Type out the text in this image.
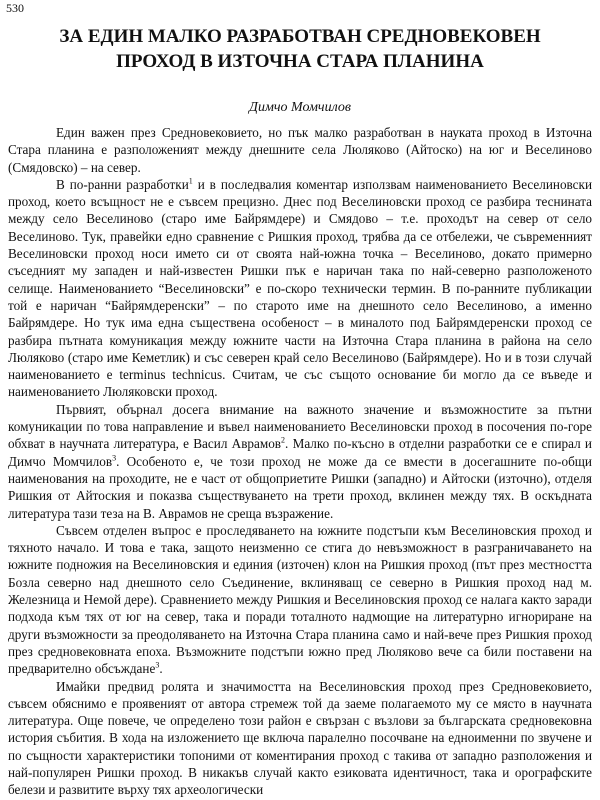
530
ЗА ЕДИН МАЛКО РАЗРАБОТВАН СРЕДНОВЕКОВЕН
ПРОХОД В ИЗТОЧНА СТАРА ПЛАНИНА
Димчо Момчилов

Един важен през Средновековието, но пък малко разработван в науката проход в Източна Стара планина е разположеният между днешните села Люляково (Айтоско) на юг и Веселиново (Смядовско) – на север.

В по-ранни разработки$^1$ и в последвалия коментар използвам наименованието Веселиновски проход, което всъщност не е съвсем прецизно. Днес под Веселиновски проход се разбира теснината между село Веселиново (старо име Байрямдере) и Смядово – т.е. проходът на север от село Веселиново. Тук, правейки едно сравнение с Ришкия проход, трябва да се отбележи, че съвременният Веселиновски проход носи името си от своята най-южна точка – Веселиново, докато примерно съседният му западен и най-известен Ришки пък е наричан така по най-северно разположеното селище. Наименованието “Веселиновски” е по-скоро технически термин. В по-ранните публикации той е наричан “Байрямдеренски” – по старото име на днешното село Веселиново, а именно Байрямдере. Но тук има една съществена особеност – в миналото под Байрямдеренски проход се разбира пътната комуникация между южните части на Източна Стара планина в района на село Люляково (старо име Кеметлик) и със северен край село Веселиново (Байрямдере). Но и в този случай наименованието е terminus technicus. Считам, че със същото основание би могло да се въведе и наименованието Люляковски проход.

Първият, обърнал досега внимание на важното значение и възможностите за пътни комуникации по това направление и въвел наименованието Веселиновски проход в посочения по-горе обхват в научната литература, е Васил Аврамов$^2$. Малко по-късно в отделни разработки се е спирал и Димчо Момчилов$^3$. Особеното е, че този проход не може да се вмести в досегашните по-общи наименования на проходите, не е част от общоприетите Ришки (западно) и Айтоски (източно), отделя Ришкия от Айтоския и показва съществуването на трети проход, вклинен между тях. В оскъдната литература тази теза на В. Аврамов не среща възражение.

Съвсем отделен въпрос е проследяването на южните подстъпи към Веселиновския проход и тяхното начало. И това е така, защото неизменно се стига до невъзможност в разграничаването на южните подножия на Веселиновския и единия (източен) клон на Ришкия проход (път през местността Бозла северно над днешното село Съединение, вклиняващ се северно в Ришкия проход над м. Железница и Немой дере). Сравнението между Ришкия и Веселиновския проход се налага както заради подхода към тях от юг на север, така и поради тоталното надмощие на литературно игнориране на други възможности за преодоляването на Източна Стара планина само и най-вече през Ришкия проход през средновековната епоха. Възможните подстъпи южно пред Люляково вече са били поставени на предварително обсъждане$^3$.

Имайки предвид ролята и значимостта на Веселиновския проход през Средновековието, съвсем обяснимо е проявеният от автора стремеж той да заеме полагаемото му се място в научната литература. Още повече, че определено този район е свързан с възлови за българската средновековна история събития. В хода на изложението ще включа паралелно посочване на едноименни по звучене и по същности характеристики топоними от коментирания проход с такива от западно разположения и най-популярен Ришки проход. В никакъв случай както езиковата идентичност, така и орографските белези и развитите върху тях археологически
